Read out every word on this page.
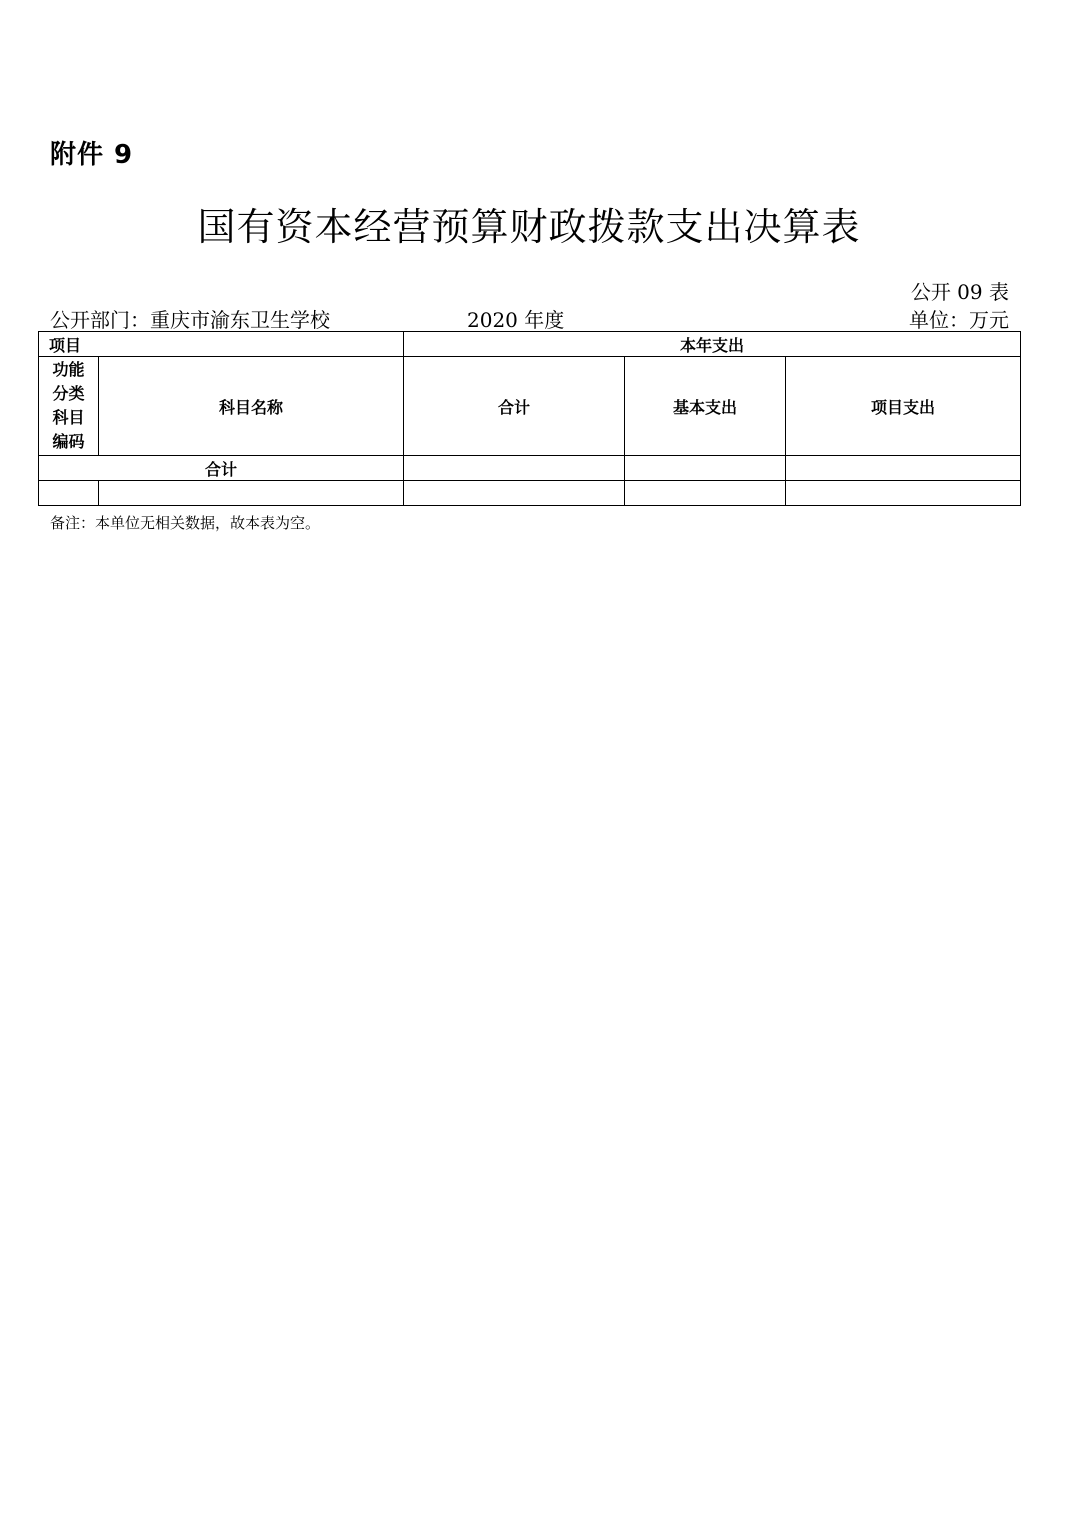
附件 9
国有资本经营预算财政拨款支出决算表
公开 09 表
公开部门：重庆市渝东卫生学校	2020 年度	单位：万元
项目		本年支出		

功能
分类
科目
编码	科目名称	合计	基本支出	项目支出
合计				

备注：本单位无相关数据，故本表为空。
